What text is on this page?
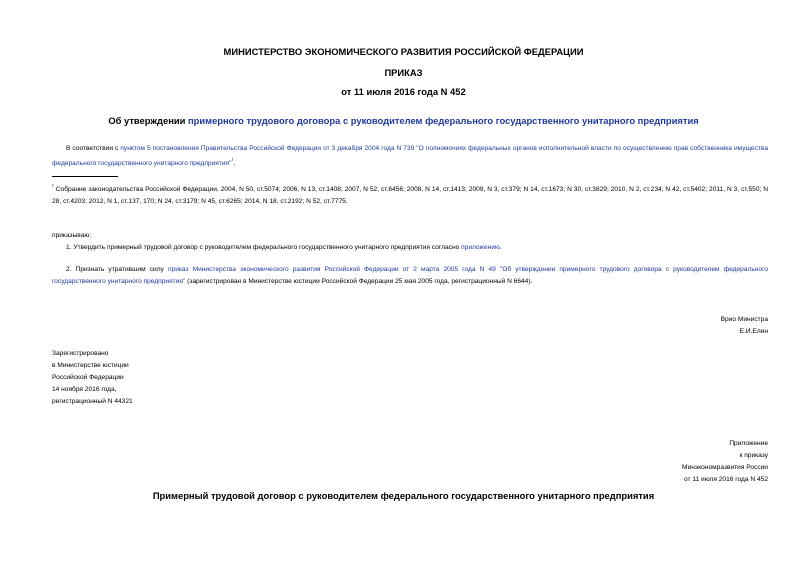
МИНИСТЕРСТВО ЭКОНОМИЧЕСКОГО РАЗВИТИЯ РОССИЙСКОЙ ФЕДЕРАЦИИ
ПРИКАЗ
от 11 июля 2016 года N 452
Об утверждении примерного трудового договора с руководителем федерального государственного унитарного предприятия
В соответствии с пунктом 5 постановления Правительства Российской Федерации от 3 декабря 2004 года N 739 "О полномочиях федеральных органов исполнительной власти по осуществлению прав собственника имущества федерального государственного унитарного предприятия"$^{^1}$,
$^{^1}$ Собрание законодательства Российской Федерации, 2004, N 50, ст.5074; 2006, N 13, ст.1408; 2007, N 52, ст.6456; 2008, N 14, ст.1413; 2009, N 3, ст.379; N 14, ст.1673; N 30, ст.3829; 2010, N 2, ст.234; N 42, ст.5402; 2011, N 3, ст.550; N 28, ст.4203; 2012, N 1, ст.137, 170; N 24, ст.3179; N 45, ст.6265; 2014, N 18, ст.2192; N 52, ст.7775.
приказываю:
1. Утвердить примерный трудовой договор с руководителем федерального государственного унитарного предприятия согласно приложению.
2. Признать утратившим силу приказ Министерства экономического развития Российской Федерации от 2 марта 2005 года N 49 "Об утверждении примерного трудового договора с руководителем федерального государственного унитарного предприятия" (зарегистрирован в Министерстве юстиции Российской Федерации 25 мая 2005 года, регистрационный N 6644).
Врио Министра
Е.И.Елин
Зарегистрировано
в Министерстве юстиции
Российской Федерации
14 ноября 2016 года,
регистрационный N 44321
Приложение
к приказу
Минэкономразвития России
от 11 июля 2016 года N 452
Примерный трудовой договор с руководителем федерального государственного унитарного предприятия
